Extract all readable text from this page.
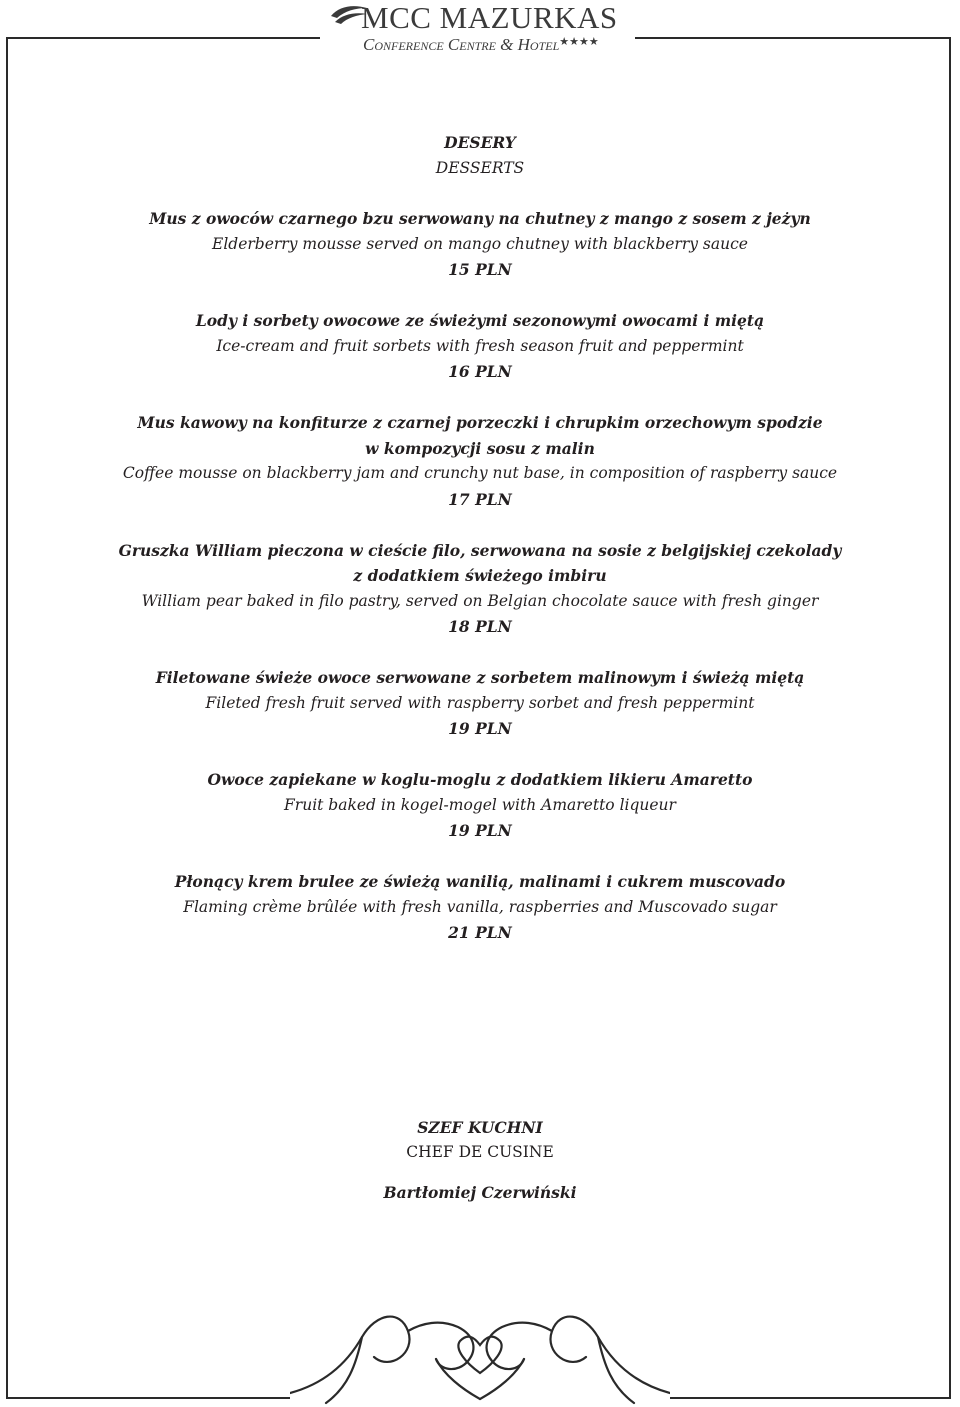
MCC MAZURKAS
Conference Centre & Hotel★★★★
DESERY
DESSERTS
Mus z owoców czarnego bzu serwowany na chutney z mango z sosem z jeżyn
Elderberry mousse served on mango chutney with blackberry sauce
15 PLN
Lody i sorbety owocowe ze świeżymi sezonowymi owocami i miętą
Ice-cream and fruit sorbets with fresh season fruit and peppermint
16 PLN
Mus kawowy na konfiturze z czarnej porzeczki i chrupkim orzechowym spodzie
w kompozycji sosu z malin
Coffee mousse on blackberry jam and crunchy nut base, in composition of raspberry sauce
17 PLN
Gruszka William pieczona w cieście filo, serwowana na sosie z belgijskiej czekolady
z dodatkiem świeżego imbiru
William pear baked in filo pastry, served on Belgian chocolate sauce with fresh ginger
18 PLN
Filetowane świeże owoce serwowane z sorbetem malinowym i świeżą miętą
Fileted fresh fruit served with raspberry sorbet and fresh peppermint
19 PLN
Owoce zapiekane w koglu-moglu z dodatkiem likieru Amaretto
Fruit baked in kogel-mogel with Amaretto liqueur
19 PLN
Płonący krem brulee ze świeżą wanilią, malinami i cukrem muscovado
Flaming crème brûlée with fresh vanilla, raspberries and Muscovado sugar
21 PLN
SZEF KUCHNI
CHEF DE CUSINE
Bartłomiej Czerwiński
